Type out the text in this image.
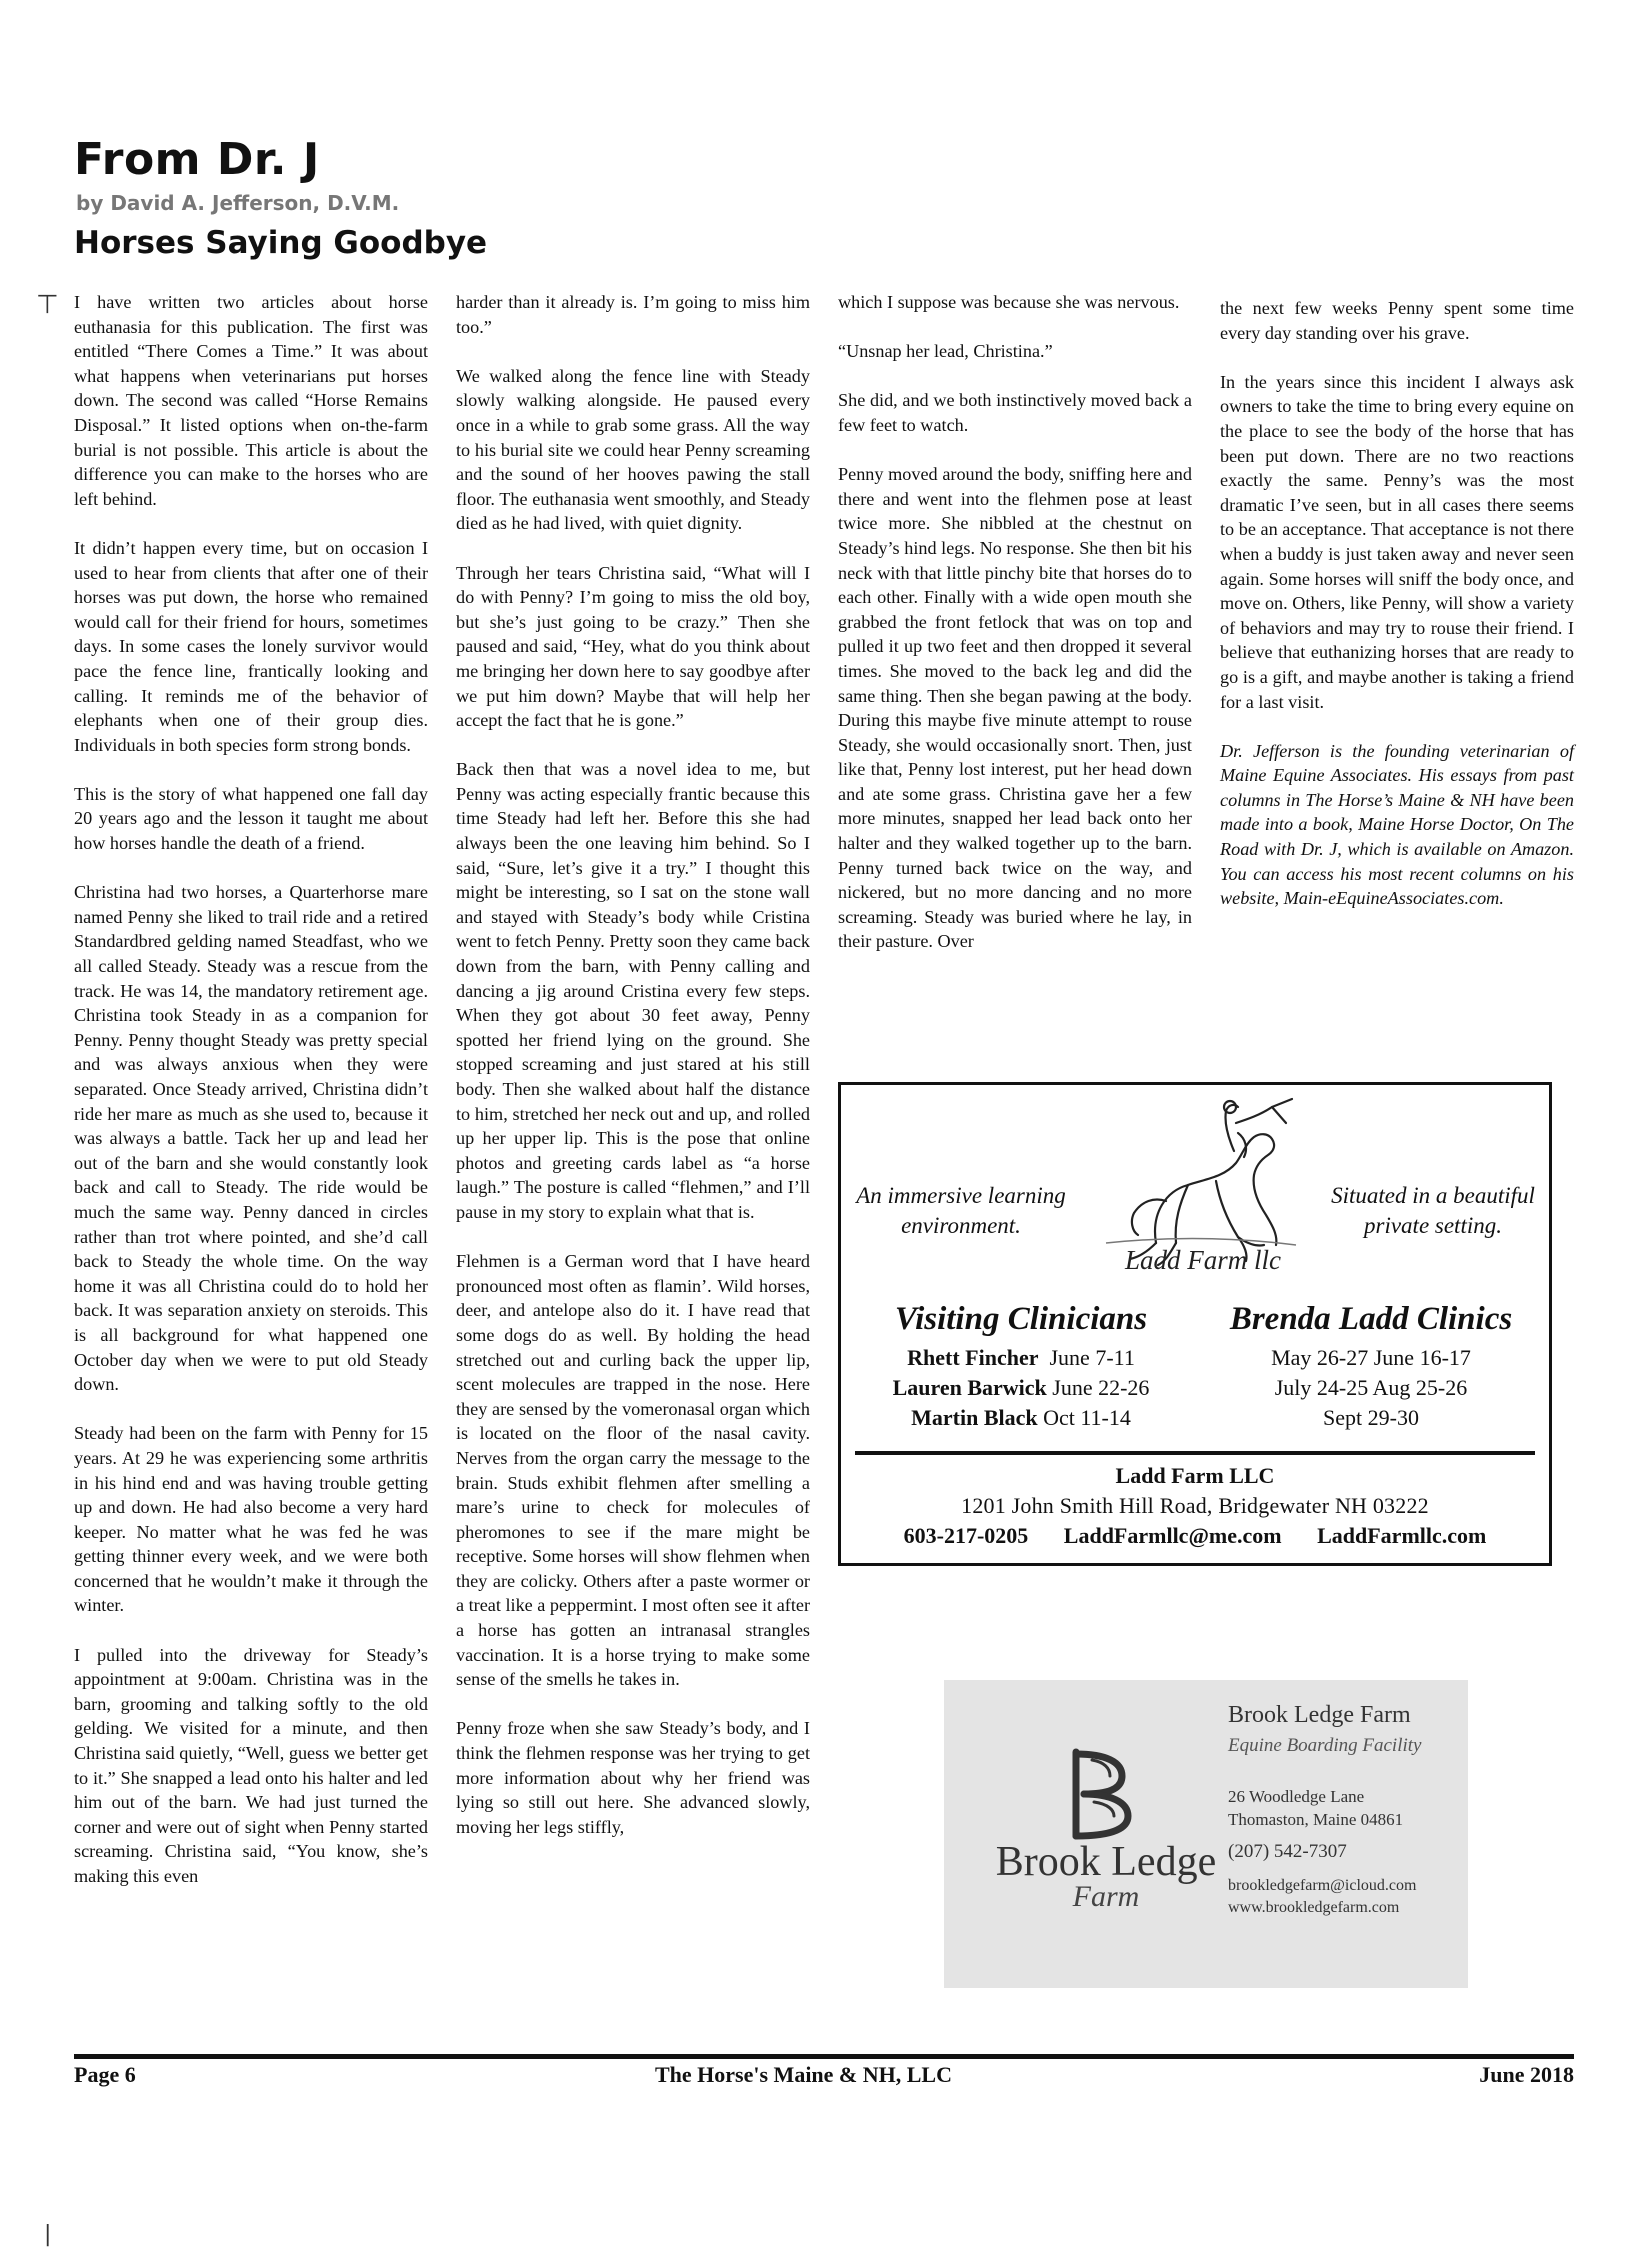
⊤
|
From Dr. J
by David A. Jefferson, D.V.M.
Horses Saying Goodbye

I have written two articles about horse euthanasia for this publication. The first was entitled “There Comes a Time.” It was about what happens when veterinarians put horses down. The second was called “Horse Remains Disposal.” It listed options when on-the-farm burial is not possible. This article is about the difference you can make to the horses who are left behind.

It didn’t happen every time, but on occasion I used to hear from clients that after one of their horses was put down, the horse who remained would call for their friend for hours, sometimes days. In some cases the lonely survivor would pace the fence line, frantically looking and calling. It reminds me of the behavior of elephants when one of their group dies. Individuals in both species form strong bonds.

This is the story of what happened one fall day 20 years ago and the lesson it taught me about how horses handle the death of a friend.

Christina had two horses, a Quarterhorse mare named Penny she liked to trail ride and a retired Standardbred gelding named Steadfast, who we all called Steady. Steady was a rescue from the track. He was 14, the mandatory retirement age. Christina took Steady in as a companion for Penny. Penny thought Steady was pretty special and was always anxious when they were separated. Once Steady arrived, Christina didn’t ride her mare as much as she used to, because it was always a battle. Tack her up and lead her out of the barn and she would constantly look back and call to Steady. The ride would be much the same way. Penny danced in circles rather than trot where pointed, and she’d call back to Steady the whole time. On the way home it was all Christina could do to hold her back. It was separation anxiety on steroids. This is all background for what happened one October day when we were to put old Steady down.

Steady had been on the farm with Penny for 15 years. At 29 he was experiencing some arthritis in his hind end and was having trouble getting up and down. He had also become a very hard keeper. No matter what he was fed he was getting thinner every week, and we were both concerned that he wouldn’t make it through the winter.

I pulled into the driveway for Steady’s appointment at 9:00am. Christina was in the barn, grooming and talking softly to the old gelding. We visited for a minute, and then Christina said quietly, “Well, guess we better get to it.” She snapped a lead onto his halter and led him out of the barn. We had just turned the corner and were out of sight when Penny started screaming. Christina said, “You know, she’s making this even

harder than it already is. I’m going to miss him too.”

We walked along the fence line with Steady slowly walking alongside. He paused every once in a while to grab some grass. All the way to his burial site we could hear Penny screaming and the sound of her hooves pawing the stall floor. The euthanasia went smoothly, and Steady died as he had lived, with quiet dignity.

Through her tears Christina said, “What will I do with Penny? I’m going to miss the old boy, but she’s just going to be crazy.” Then she paused and said, “Hey, what do you think about me bringing her down here to say goodbye after we put him down? Maybe that will help her accept the fact that he is gone.”

Back then that was a novel idea to me, but Penny was acting especially frantic because this time Steady had left her. Before this she had always been the one leaving him behind. So I said, “Sure, let’s give it a try.” I thought this might be interesting, so I sat on the stone wall and stayed with Steady’s body while Cristina went to fetch Penny. Pretty soon they came back down from the barn, with Penny calling and dancing a jig around Cristina every few steps. When they got about 30 feet away, Penny spotted her friend lying on the ground. She stopped screaming and just stared at his still body. Then she walked about half the distance to him, stretched her neck out and up, and rolled up her upper lip. This is the pose that online photos and greeting cards label as “a horse laugh.” The posture is called “flehmen,” and I’ll pause in my story to explain what that is.

Flehmen is a German word that I have heard pronounced most often as flamin’. Wild horses, deer, and antelope also do it. I have read that some dogs do as well. By holding the head stretched out and curling back the upper lip, scent molecules are trapped in the nose. Here they are sensed by the vomeronasal organ which is located on the floor of the nasal cavity. Nerves from the organ carry the message to the brain. Studs exhibit flehmen after smelling a mare’s urine to check for molecules of pheromones to see if the mare might be receptive. Some horses will show flehmen when they are colicky. Others after a paste wormer or a treat like a peppermint. I most often see it after a horse has gotten an intranasal strangles vaccination. It is a horse trying to make some sense of the smells he takes in.

Penny froze when she saw Steady’s body, and I think the flehmen response was her trying to get more information about why her friend was lying so still out here. She advanced slowly, moving her legs stiffly,

which I suppose was because she was nervous.

“Unsnap her lead, Christina.”

She did, and we both instinctively moved back a few feet to watch.

Penny moved around the body, sniffing here and there and went into the flehmen pose at least twice more. She nibbled at the chestnut on Steady’s hind legs. No response. She then bit his neck with that little pinchy bite that horses do to each other. Finally with a wide open mouth she grabbed the front fetlock that was on top and pulled it up two feet and then dropped it several times. She moved to the back leg and did the same thing. Then she began pawing at the body. During this maybe five minute attempt to rouse Steady, she would occasionally snort. Then, just like that, Penny lost interest, put her head down and ate some grass. Christina gave her a few more minutes, snapped her lead back onto her halter and they walked together up to the barn. Penny turned back twice on the way, and nickered, but no more dancing and no more screaming. Steady was buried where he lay, in their pasture. Over

the next few weeks Penny spent some time every day standing over his grave.

In the years since this incident I always ask owners to take the time to bring every equine on the place to see the body of the horse that has been put down. There are no two reactions exactly the same. Penny’s was the most dramatic I’ve seen, but in all cases there seems to be an acceptance. That acceptance is not there when a buddy is just taken away and never seen again. Some horses will sniff the body once, and move on. Others, like Penny, will show a variety of behaviors and may try to rouse their friend. I believe that euthanizing horses that are ready to go is a gift, and maybe another is taking a friend for a last visit.

Dr. Jefferson is the founding veterinarian of Maine Equine Associates. His essays from past columns in The Horse’s Maine & NH have been made into a book, Maine Horse Doctor, On The Road with Dr. J, which is available on Amazon. You can access his most recent columns on his website, Main-eEquineAssociates.com.

An immersive learning environment.
Ladd Farm llc
Situated in a beautiful private setting.
Visiting Clinicians
Rhett Fincher June 7-11
Lauren Barwick June 22-26
Martin Black Oct 11-14
Brenda Ladd Clinics
May 26-27 June 16-17
July 24-25 Aug 25-26
Sept 29-30
Ladd Farm LLC
1201 John Smith Hill Road, Bridgewater NH 03222
603-217-0205 LaddFarmllc@me.com LaddFarmllc.com
Brook Ledge
Farm
Brook Ledge Farm
Equine Boarding Facility
26 Woodledge Lane
Thomaston, Maine 04861
(207) 542-7307
brookledgefarm@icloud.com
www.brookledgefarm.com
Page 6	The Horse's Maine & NH, LLC	June 2018
